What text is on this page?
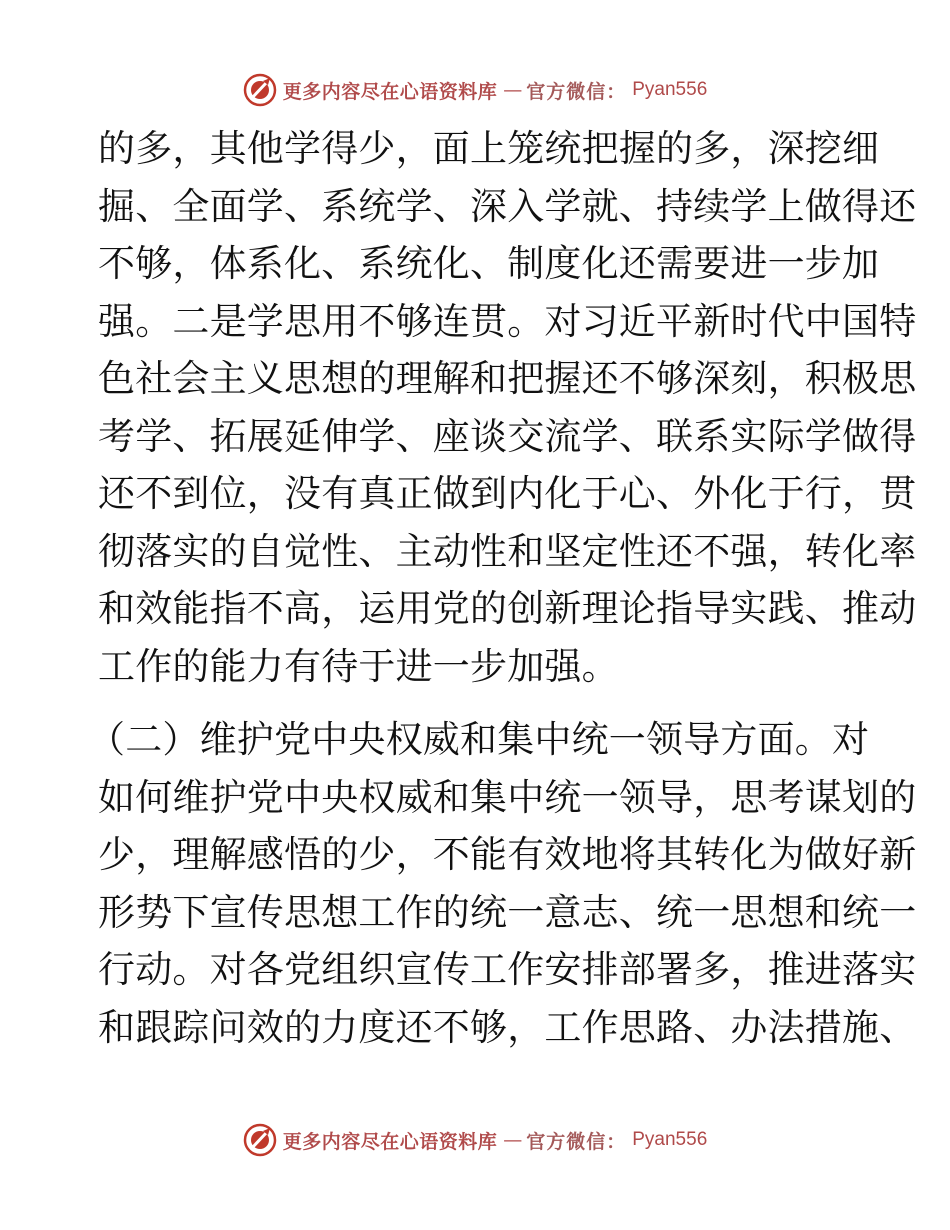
更多内容尽在心语资料库 — 官方微信： Pyan556
的多，其他学得少，面上笼统把握的多，深挖细
掘、全面学、系统学、深入学就、持续学上做得还
不够，体系化、系统化、制度化还需要进一步加
强。二是学思用不够连贯。对习近平新时代中国特
色社会主义思想的理解和把握还不够深刻，积极思
考学、拓展延伸学、座谈交流学、联系实际学做得
还不到位，没有真正做到内化于心、外化于行，贯
彻落实的自觉性、主动性和坚定性还不强，转化率
和效能指不高，运用党的创新理论指导实践、推动
工作的能力有待于进一步加强。
（二）维护党中央权威和集中统一领导方面。对
如何维护党中央权威和集中统一领导，思考谋划的
少，理解感悟的少，不能有效地将其转化为做好新
形势下宣传思想工作的统一意志、统一思想和统一
行动。对各党组织宣传工作安排部署多，推进落实
和跟踪问效的力度还不够，工作思路、办法措施、
更多内容尽在心语资料库 — 官方微信： Pyan556
